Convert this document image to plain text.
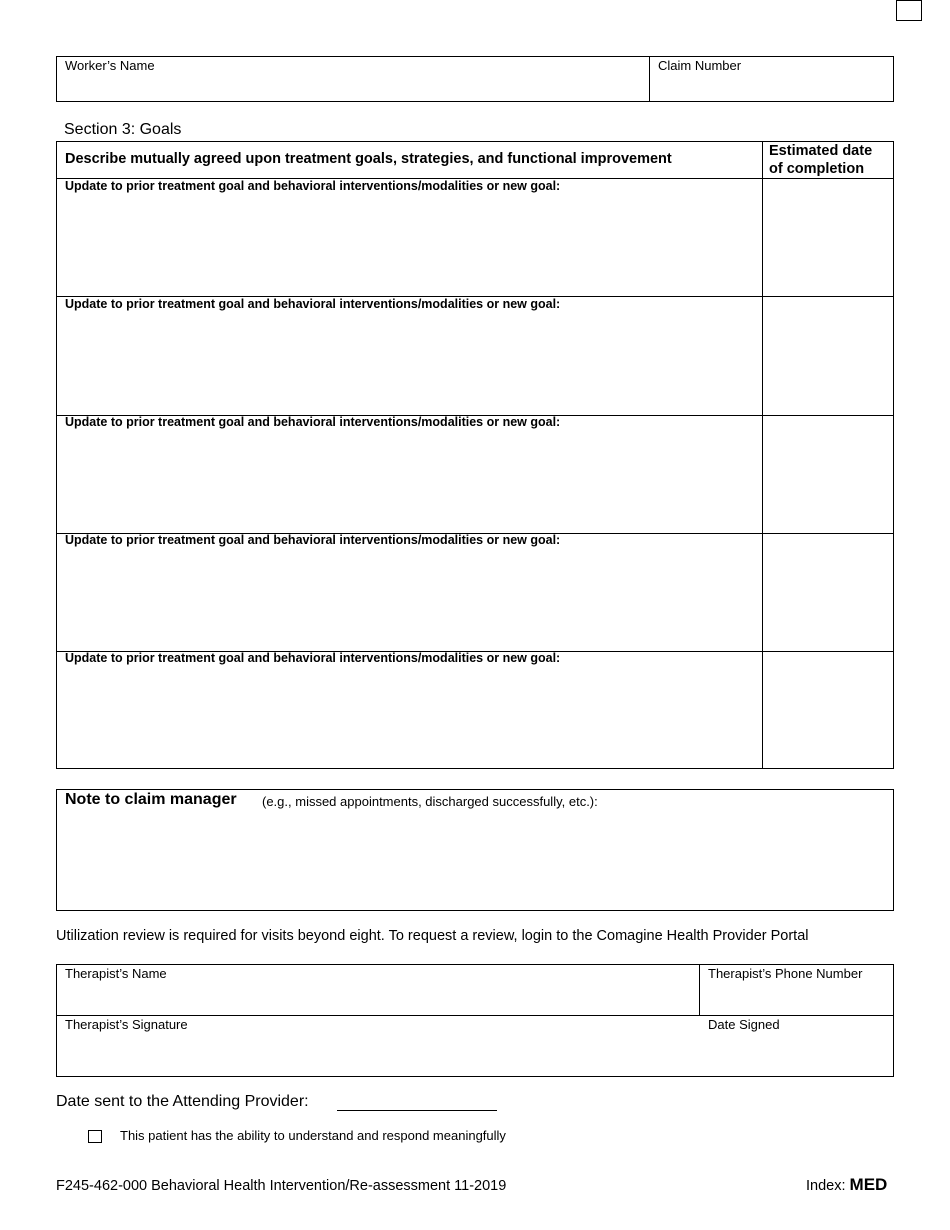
Worker’s Name	Claim Number
Section 3: Goals
Describe mutually agreed upon treatment goals, strategies, and functional improvement	Estimated date of completion
Update to prior treatment goal and behavioral interventions/modalities or new goal:
Update to prior treatment goal and behavioral interventions/modalities or new goal:
Update to prior treatment goal and behavioral interventions/modalities or new goal:
Update to prior treatment goal and behavioral interventions/modalities or new goal:
Update to prior treatment goal and behavioral interventions/modalities or new goal:
Note to claim manager (e.g., missed appointments, discharged successfully, etc.):
Utilization review is required for visits beyond eight. To request a review, login to the Comagine Health Provider Portal
Therapist’s Name	Therapist’s Phone Number
Therapist’s Signature	Date Signed
Date sent to the Attending Provider:
This patient has the ability to understand and respond meaningfully
F245-462-000 Behavioral Health Intervention/Re-assessment 11-2019	Index: MED
